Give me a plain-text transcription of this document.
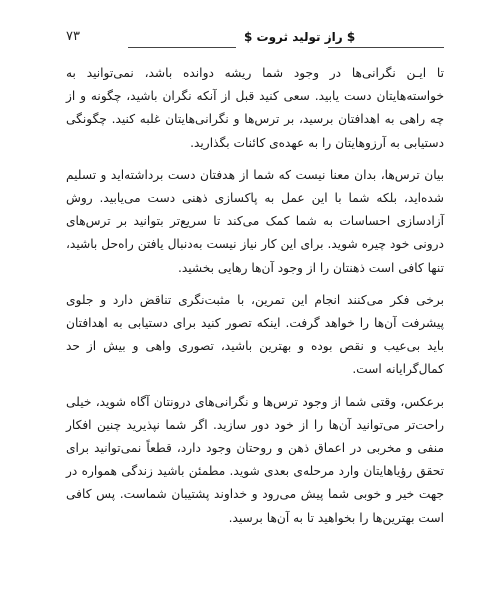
۷۳	$ راز تولید ثروت $

تا ایـن نگرانی‌ها در وجود شما ریشه دوانده باشد، نمی‌توانید به خواسته‌هایتان دست یابید. سعی کنید قبل از آنکه نگران باشید، چگونه و از چه راهی به اهدافتان برسید، بر ترس‌ها و نگرانی‌هایتان غلبه کنید. چگونگی دستیابی به آرزوهایتان را به عهده‌ی کائنات بگذارید.

بیان ترس‌ها، بدان معنا نیست که شما از هدفتان دست برداشته‌اید و تسلیم شده‌اید، بلکه شما با این عمل به پاکسازی ذهنی دست می‌یابید. روش آزادسازی احساسات به شما کمک می‌کند تا سریع‌تر بتوانید بر ترس‌های درونی خود چیره شوید. برای این کار نیاز نیست به‌دنبال یافتن راه‌حل باشید، تنها کافی است ذهنتان را از وجود آن‌ها رهایی بخشید.

برخی فکر می‌کنند انجام این تمرین، با مثبت‌نگری تناقض دارد و جلوی پیشرفت آن‌ها را خواهد گرفت. اینکه تصور کنید برای دستیابی به اهدافتان باید بی‌عیب و نقص بوده و بهترین باشید، تصوری واهی و بیش از حد کمال‌گرایانه است.

برعکس، وقتی شما از وجود ترس‌ها و نگرانی‌های درونتان آگاه شوید، خیلی راحت‌تر می‌توانید آن‌ها را از خود دور سازید. اگر شما نپذیرید چنین افکار منفی و مخربی در اعماق ذهن و روحتان وجود دارد، قطعاً نمی‌توانید برای تحقق رؤیاهایتان وارد مرحله‌ی بعدی شوید. مطمئن باشید زندگی همواره در جهت خیر و خوبی شما پیش می‌رود و خداوند پشتیبان شماست. پس کافی است بهترین‌ها را بخواهید تا به آن‌ها برسید.
